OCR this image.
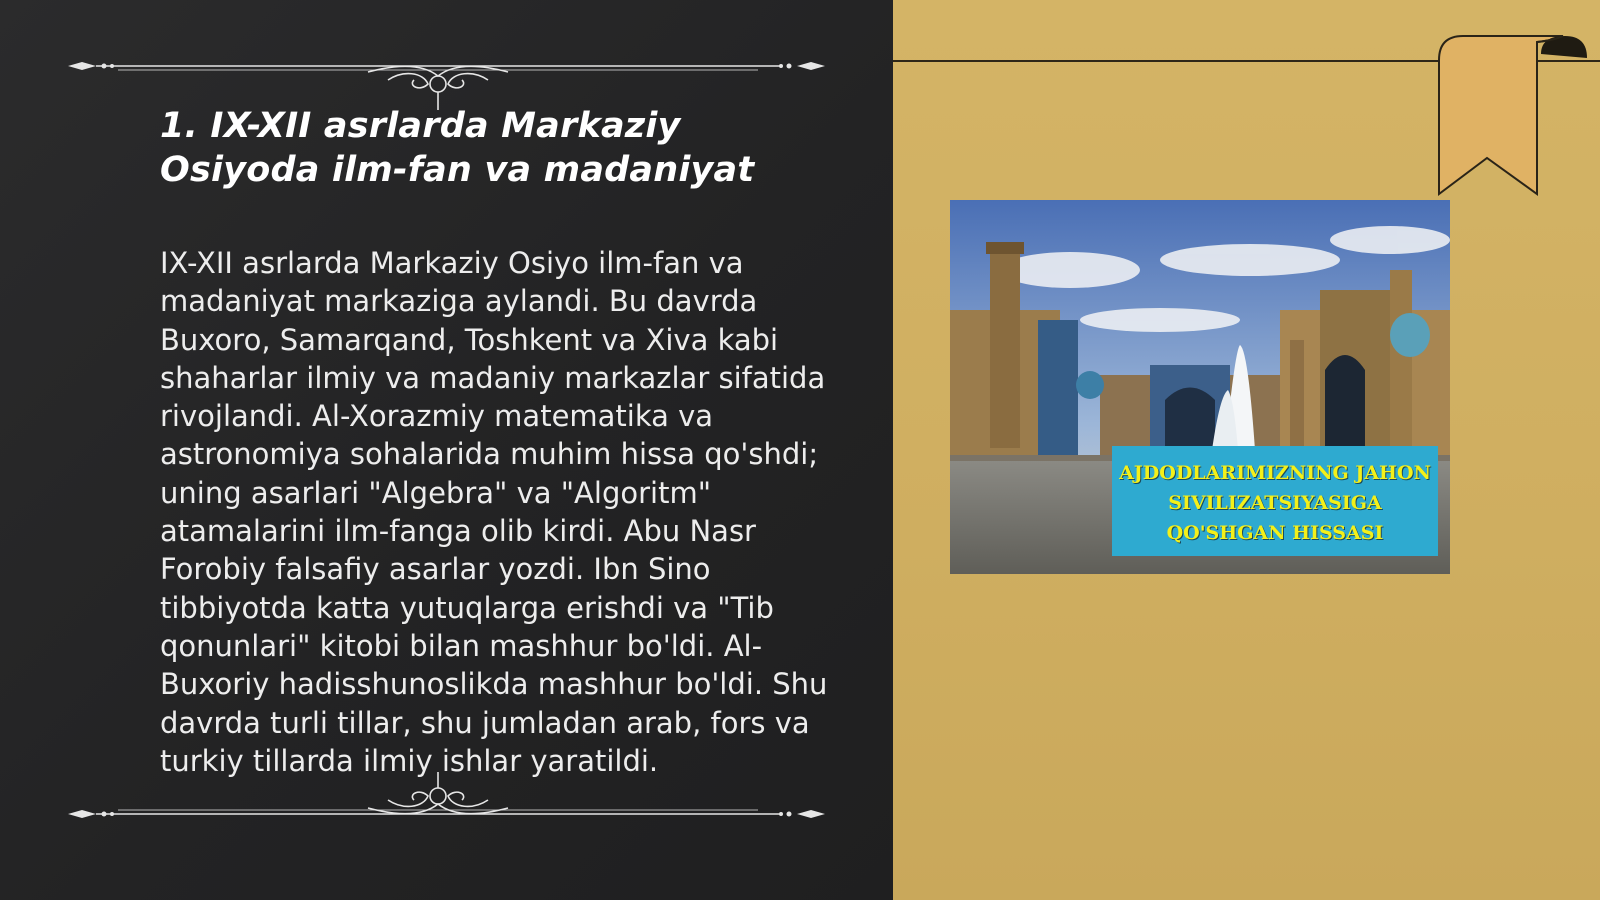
1. IX-XII asrlarda Markaziy Osiyoda ilm-fan va madaniyat

IX-XII asrlarda Markaziy Osiyo ilm-fan va madaniyat markaziga aylandi. Bu davrda Buxoro, Samarqand, Toshkent va Xiva kabi shaharlar ilmiy va madaniy markazlar sifatida rivojlandi. Al-Xorazmiy matematika va astronomiya sohalarida muhim hissa qo'shdi; uning asarlari "Algebra" va "Algoritm" atamalarini ilm-fanga olib kirdi. Abu Nasr Forobiy falsafiy asarlar yozdi. Ibn Sino tibbiyotda katta yutuqlarga erishdi va "Tib qonunlari" kitobi bilan mashhur bo'ldi. Al-Buxoriy hadisshunoslikda mashhur bo'ldi. Shu davrda turli tillar, shu jumladan arab, fors va turkiy tillarda ilmiy ishlar yaratildi.

AJDODLARIMIZNING JAHON
SIVILIZATSIYASIGA
QO'SHGAN HISSASI
